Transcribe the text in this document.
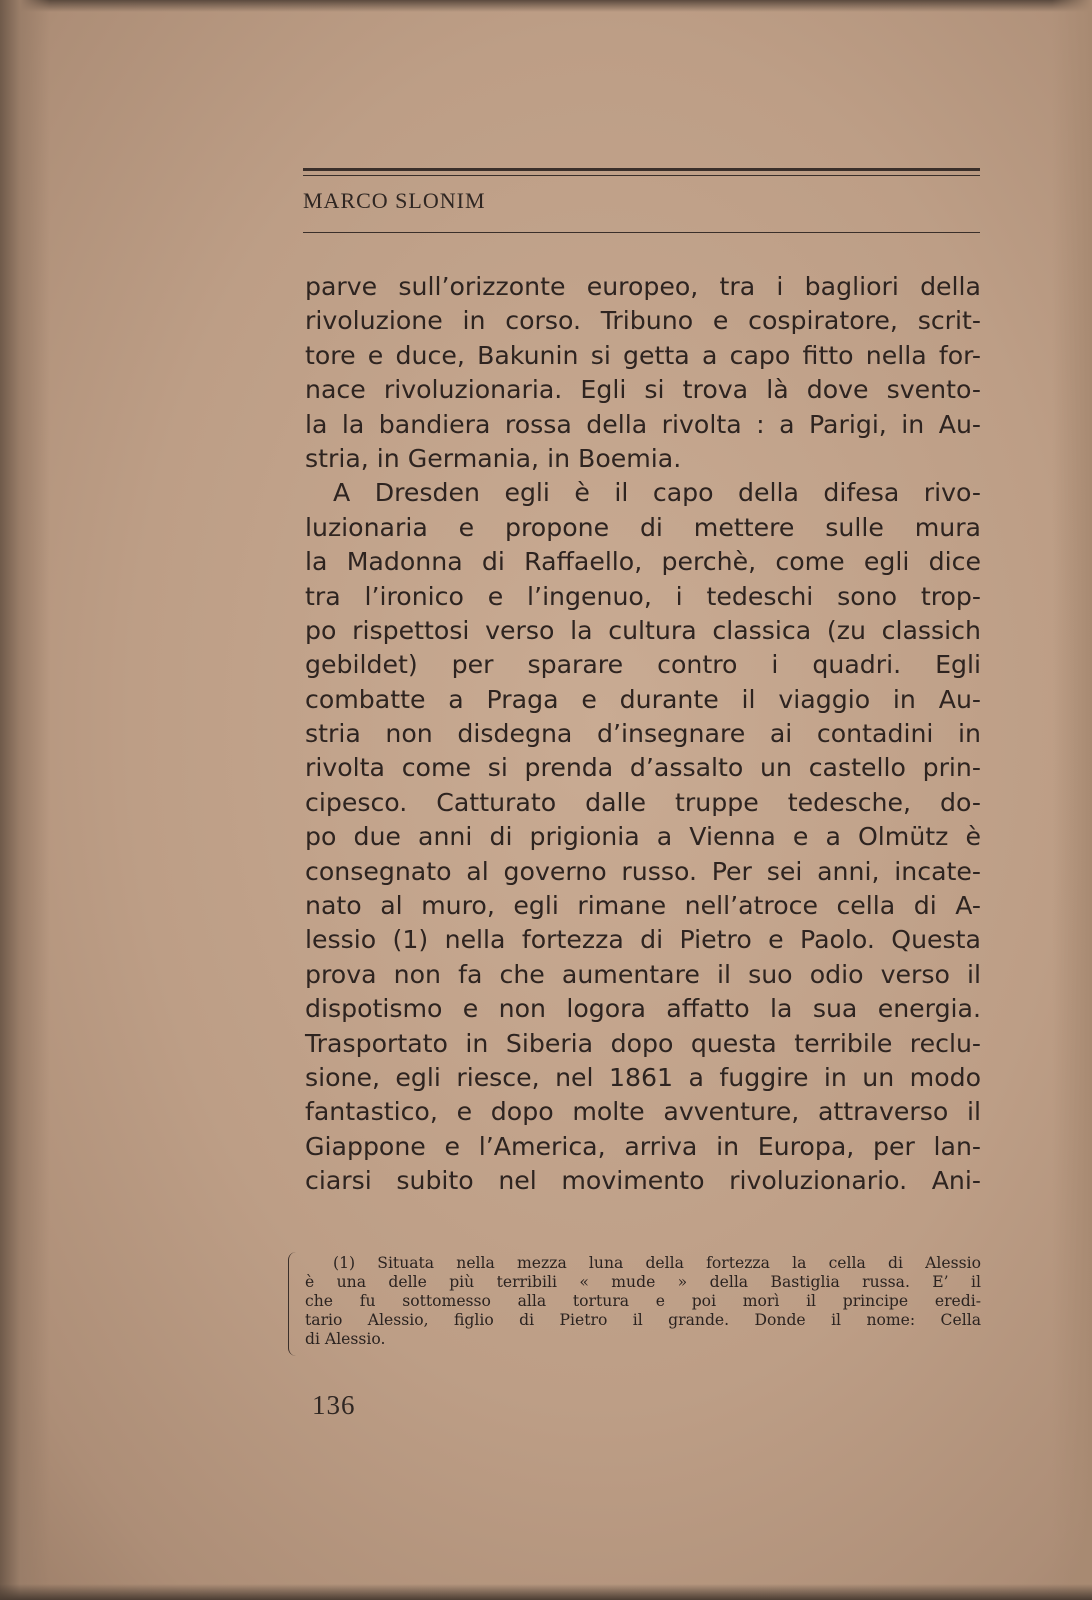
MARCO SLONIM
parve sull’orizzonte europeo, tra i bagliori della
rivoluzione in corso. Tribuno e cospiratore, scrit-
tore e duce, Bakunin si getta a capo fitto nella for-
nace rivoluzionaria. Egli si trova là dove svento-
la la bandiera rossa della rivolta : a Parigi, in Au-
stria, in Germania, in Boemia.
A Dresden egli è il capo della difesa rivo-
luzionaria e propone di mettere sulle mura
la Madonna di Raffaello, perchè, come egli dice
tra l’ironico e l’ingenuo, i tedeschi sono trop-
po rispettosi verso la cultura classica (zu classich
gebildet) per sparare contro i quadri. Egli
combatte a Praga e durante il viaggio in Au-
stria non disdegna d’insegnare ai contadini in
rivolta come si prenda d’assalto un castello prin-
cipesco. Catturato dalle truppe tedesche, do-
po due anni di prigionia a Vienna e a Olmütz è
consegnato al governo russo. Per sei anni, incate-
nato al muro, egli rimane nell’atroce cella di A-
lessio (1) nella fortezza di Pietro e Paolo. Questa
prova non fa che aumentare il suo odio verso il
dispotismo e non logora affatto la sua energia.
Trasportato in Siberia dopo questa terribile reclu-
sione, egli riesce, nel 1861 a fuggire in un modo
fantastico, e dopo molte avventure, attraverso il
Giappone e l’America, arriva in Europa, per lan-
ciarsi subito nel movimento rivoluzionario. Ani-
(1) Situata nella mezza luna della fortezza la cella di Alessio
è una delle più terribili « mude » della Bastiglia russa. E’ il
che fu sottomesso alla tortura e poi morì il principe eredi-
tario Alessio, figlio di Pietro il grande. Donde il nome: Cella
di Alessio.
136
